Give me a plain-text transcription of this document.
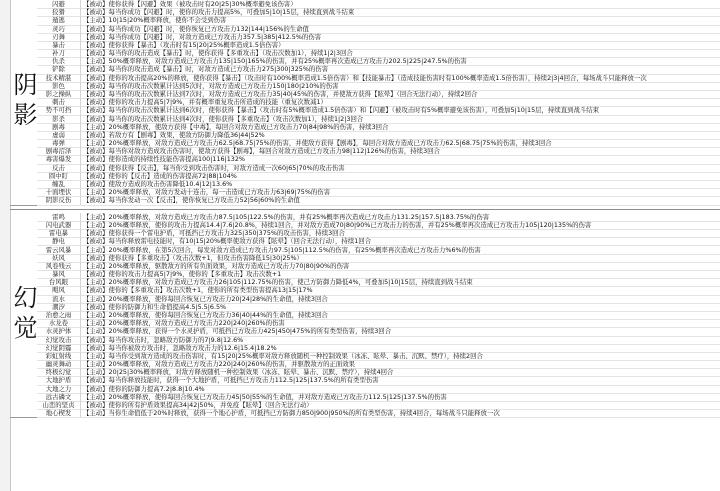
闪避	【被动】使你获得【闪避】效果（被攻击时有20|25|30%概率避免该伤害）
狡猾	【被动】每当你成功【闪避】时，使你的攻击力提高5%，可叠加5|10|15层，持续直到战斗结束
遁逃	【主动】10|15|20%概率释放，使你不会受到伤害
灵巧	【被动】每当你成功【闪避】时，使你恢复已方攻击力132|144|156%的生命值
刃舞	【被动】每当你成功【闪避】时，对敌方造成已方攻击力357.5|385|412.5%的伤害
暴击	【被动】使你获得【暴击】（攻击时有15|20|25%概率造成1.5倍伤害）
补刀	【被动】每当你的攻击造成【暴击】时，使你获得【多重攻击】（攻击次数加1），持续1|2|3回合
仇杀	【主动】50%概率释放，对敌方造成已方攻击力135|150|165%的伤害，并有25%概率再次造成已方攻击力202.5|225|247.5%的伤害
铲除	【被动】每当你的攻击造成【暴击】时，对敌方造成已方攻击力275|300|325%的伤害
技术精湛	【被动】使你的攻击提高20%的释放，使你获得【暴击】（攻击时有100%概率造成1.5倍伤害）和【技能暴击】（造成技能伤害时有100%概率造成1.5倍伤害），持续2|3|4回合，每场战斗只能释放一次
影色	【被动】每当你的攻击次数累计达到5次时，对敌方造成已方攻击力150|180|210%的伤害
影之操纵	【被动】每当你的攻击次数累计达到7次时，对敌方造成已方攻击力35|40|45%的伤害，并使敌方获得【眩晕】（回合无法行动），持续2回合
刺击	【被动】使你的攻击力提高5|7|9%，并有概率重复攻击所造成的技能（重复次数减1）
势不可挡	【被动】每当你的攻击次数累计达到6次时，使你获得【暴击】（攻击时有5%概率造成1.5倍伤害）和【闪避】（被攻击时有5%概率避免该伤害），可叠加5|10|15层，持续直到战斗结束
影杀	【被动】每当你的攻击次数累计达到4次时，使你获得【多重攻击】（攻击次数加1），持续1|2|3回合
剧毒	【主动】20%概率释放，使敌方获得【中毒】，每回合对敌方造成已方攻击力70|84|98%的伤害，持续3回合
虚弱	【被动】若敌方有【剧毒】效果，使敌方防御力降低36|44|52%
毒弹	【主动】20%概率释放，对敌方造成已方攻击力62.5|68.75|75%的伤害，并使敌方获得【剧毒】，每回合对敌方造成已方攻击力62.5|68.75|75%的伤害，持续3回合
剧毒沼泽	【被动】每当你对敌方造成攻击伤害时，使敌方获得【剧毒】，每回合对敌方造成已方攻击力98|112|126%的伤害，持续3回合
毒害爆发	【被动】使你造成的持续性技能伤害提高100|116|132%
反击	【被动】使你获得【反击】，每当你受到攻击伤害时，对敌方造成一次60|65|70%的攻击伤害
圆中盯	【被动】使你的【反击】造成的伤害提高72|88|104%
缠乱	【被动】使敌方造成的攻击伤害降低10.4|12|13.6%
十面埋伏	【主动】20%概率释放，对敌方发动十连击，每一击造成已方攻击力63|69|75%的伤害
阴影反伤	【被动】每当你发动一次【反击】，使你恢复已方攻击力52|56|60%的生命值
阴影
雷鸣	【主动】20%概率释放，对敌方造成已方攻击力87.5|105|122.5%的伤害，并有25%概率再次造成已方攻击力131.25|157.5|183.75%的伤害
闪电武器	【主动】20%概率释放，使你的攻击力提高14.4|7.6|20.8%，持续1回合，并对敌方造成70|80|90%已方攻击力的伤害，并有25%概率再次造成已方攻击力105|120|135%的伤害
雷电暴	【被动】使你获得一个雷电护盾，可抵挡已方攻击力325|350|375%的攻击伤害，持续3回合
静电	【被动】每当你释放雷电技能时，有10|15|20%概率使敌方获得【眩晕】（回合无法行动），持续1回合
雷云风暴	【主动】20%概率释放，在第5次回合，每发对敌方造成已方攻击力97.5|105|112.5%的伤害，有25%概率再次造成已方攻击力%6%的伤害
妖风	【被动】使你获得【多重攻击】（攻击次数+1，但攻击伤害降低15|30|25%）
风卷残云	【主动】20%概率释放，驱散敌方的所有负面效果，对敌方造成已方攻击力70|80|90%的伤害
暴风	【被动】使你的攻击力提高5|7|9%，使你的【多重攻击】攻击次数+1
台风眼	【主动】20%概率释放，对敌方造成已方攻击力26|105|112.75%的伤害，使己方防御力降低4%，可叠加5|10|15层，持续直到战斗结束
飓风	【被动】使你的【多重攻击】攻击次数+1，使你的所有类型伤害提高13|15|17%
流水	【主动】20%概率释放，使你每回合恢复已方攻击力20|24|28%的生命值，持续3回合
潮汐	【被动】使你的防御力和生命值提高4.5|5.5|6.5%
治愈之雨	【主动】20%概率释放，使你每回合恢复已方攻击力36|40|44%的生命值，持续3回合
水龙卷	【主动】20%概率释放，对敌方造成已方攻击力220|240|260%的伤害
水灵护体	【主动】20%概率释放，获得一个水灵护盾，可抵挡已方攻击力425|450|475%的所有类型伤害，持续3回合
幻觉攻击	【被动】每当你攻击时，忽略敌方防御力的7|9.8|12.6%
幻觉阴霾	【被动】每当你被敌方攻击时，忽略敌方攻击力的12.6|15.4|18.2%
彩虹射线	【主动】每当你受到敌方造成的攻击伤害时，有15|20|25%概率对敌方释放随机一种控制效果（冰冻、眩晕、暴击、沉默、禁疗），持续2回合
幽灵舞动	【主动】20%概率释放，对敌方造成已方攻击力220|240|260%的伤害，并驱散敌方的正面效果
终极幻觉	【主动】20|25|30%概率释放，对敌方释放随机一种控制效果（冰冻、眩晕、暴击、沉默、禁疗），持续4回合
大地护盾	【被动】每当你释放技能时，获得一个大地护盾，可抵挡已方攻击力112.5|125|137.5%的所有类型伤害
大地之力	【被动】使你的防御力提高7.2|8.8|10.4%
远古磷文	【主动】20%概率释放，使你每回合恢复已方攻击力45|50|55%的生命值，并对敌方造成已方攻击力112.5|125|137.5%的伤害
山峦的坚贞	【被动】使你的所有护盾效果提高34|42|50%，并免疫【眩晕】（回合无法行动）
地心楔发	【主动】当你生命值低于20%时释放，获得一个地心护盾，可抵挡已方防御力850|900|950%的所有类型伤害，持续4回合，每场战斗只能释放一次
幻觉
